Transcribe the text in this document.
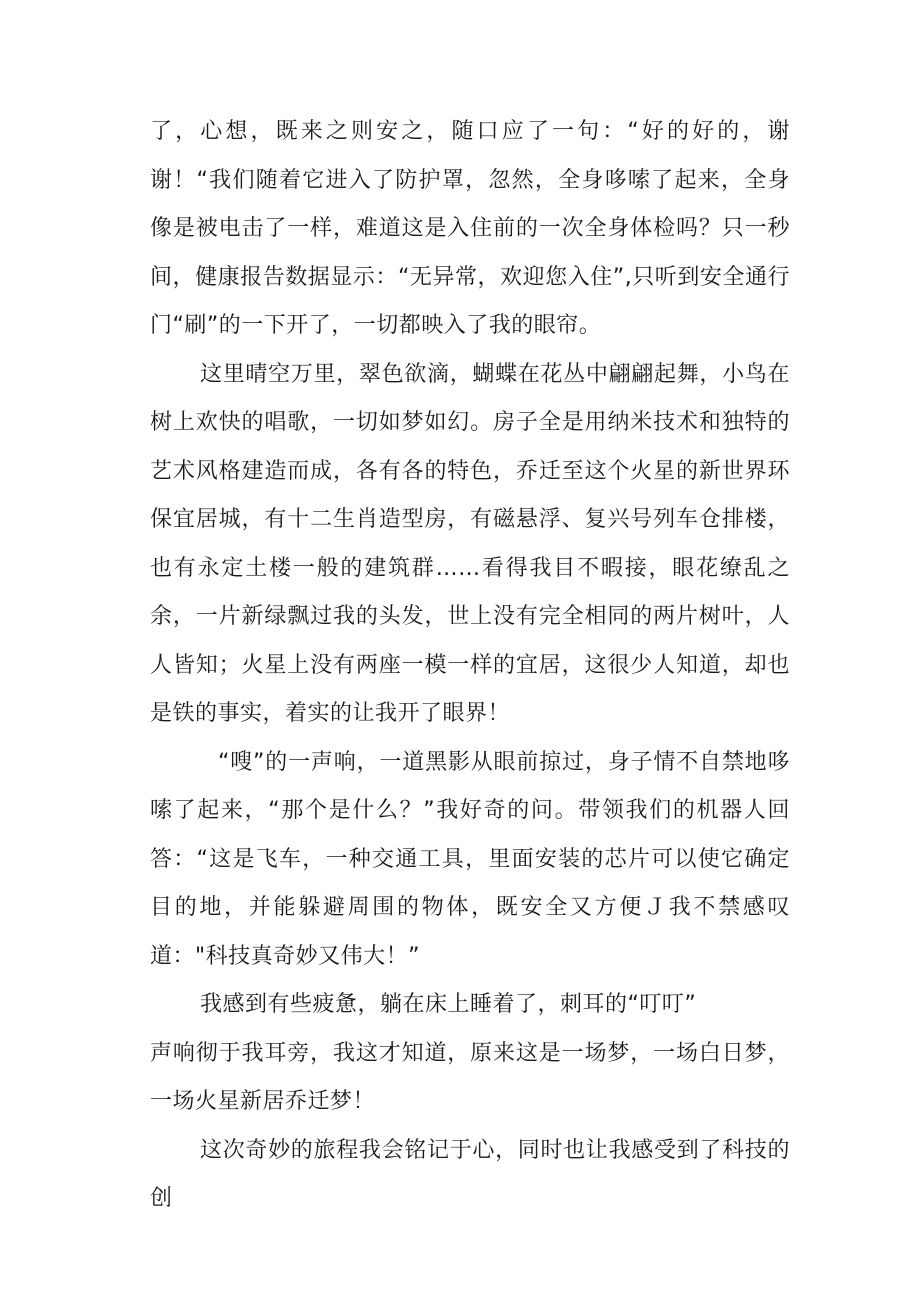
了，心想，既来之则安之，随口应了一句：“好的好的，谢谢！“我们随着它进入了防护罩，忽然，全身哆嗦了起来，全身像是被电击了一样，难道这是入住前的一次全身体检吗？只一秒间，健康报告数据显示：“无异常，欢迎您入住”,只听到安全通行门“刷”的一下开了，一切都映入了我的眼帘。

这里晴空万里，翠色欲滴，蝴蝶在花丛中翩翩起舞，小鸟在树上欢快的唱歌，一切如梦如幻。房子全是用纳米技术和独特的艺术风格建造而成，各有各的特色，乔迁至这个火星的新世界环保宜居城，有十二生肖造型房，有磁悬浮、复兴号列车仓排楼，也有永定土楼一般的建筑群……看得我目不暇接，眼花缭乱之余，一片新绿飘过我的头发，世上没有完全相同的两片树叶，人人皆知；火星上没有两座一模一样的宜居，这很少人知道，却也是铁的事实，着实的让我开了眼界！

“嗖”的一声响，一道黑影从眼前掠过，身子情不自禁地哆嗦了起来，“那个是什么？”我好奇的问。带领我们的机器人回答：“这是飞车，一种交通工具，里面安装的芯片可以使它确定目的地，并能躲避周围的物体，既安全又方便Ｊ我不禁感叹道："科技真奇妙又伟大！”

我感到有些疲惫，躺在床上睡着了，刺耳的“叮叮”

声响彻于我耳旁，我这才知道，原来这是一场梦，一场白日梦，一场火星新居乔迁梦！

这次奇妙的旅程我会铭记于心，同时也让我感受到了科技的创
